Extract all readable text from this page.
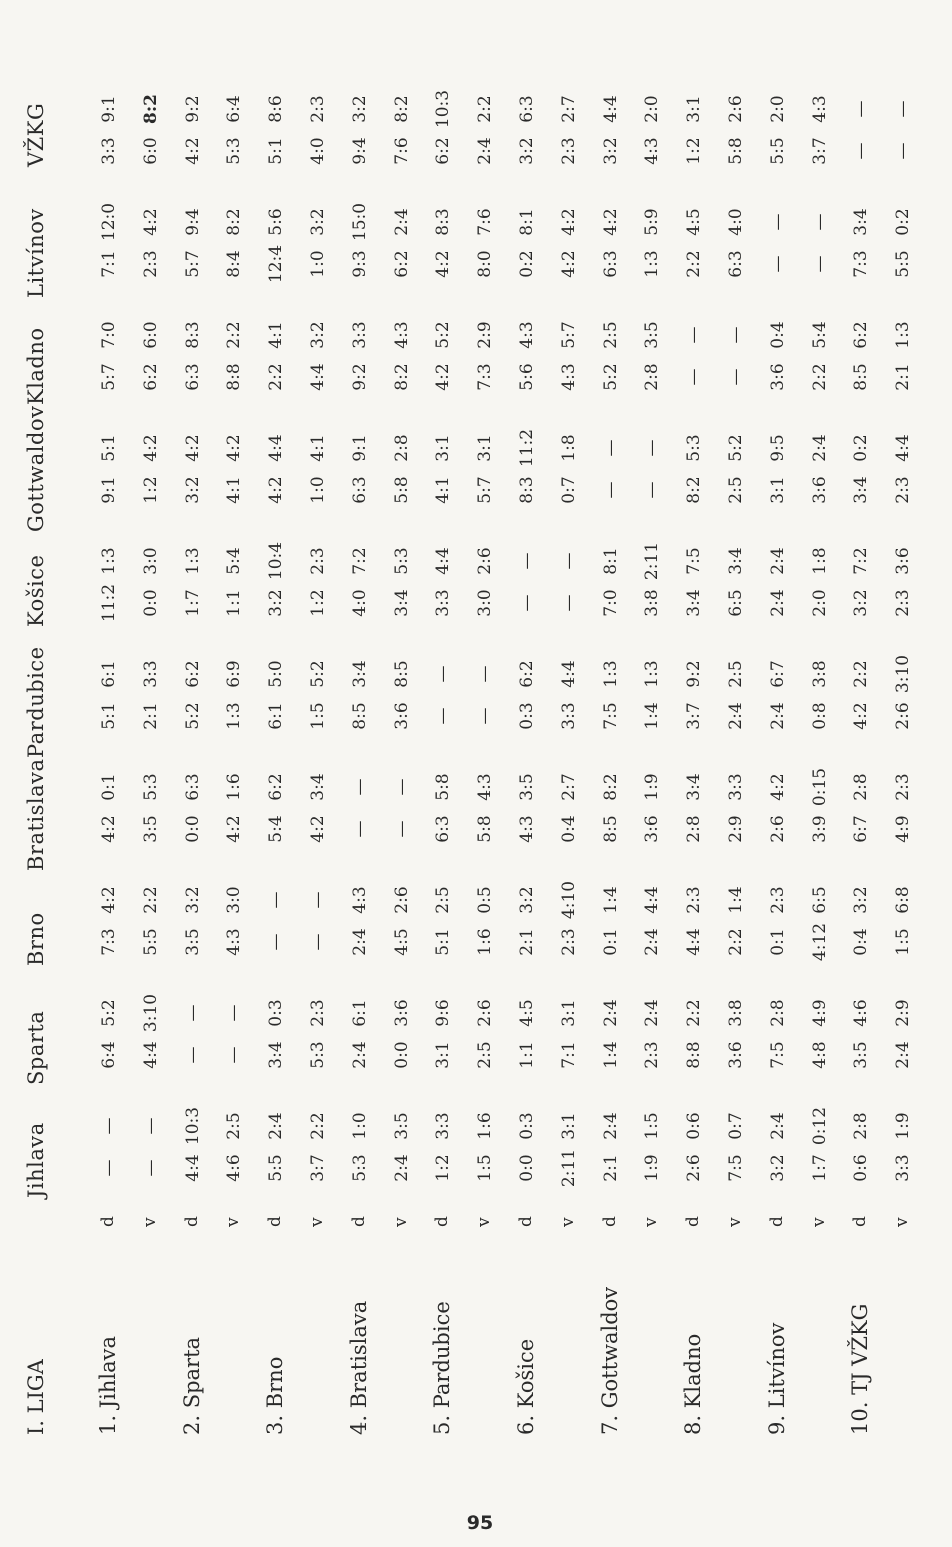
I. LIGA
Jihlava
Sparta
Brno
Bratislava
Pardubice
Košice
Gottwaldov
Kladno
Litvínov
VŽKG
1. Jihlava
d
—
—
6:4
5:2
7:3
4:2
4:2
0:1
5:1
6:1
11:2
1:3
9:1
5:1
5:7
7:0
7:1
12:0
3:3
9:1
v
—
—
4:4
3:10
5:5
2:2
3:5
5:3
2:1
3:3
0:0
3:0
1:2
4:2
6:2
6:0
2:3
4:2
6:0
8:2
2. Sparta
d
4:4
10:3
—
—
3:5
3:2
0:0
6:3
5:2
6:2
1:7
1:3
3:2
4:2
6:3
8:3
5:7
9:4
4:2
9:2
v
4:6
2:5
—
—
4:3
3:0
4:2
1:6
1:3
6:9
1:1
5:4
4:1
4:2
8:8
2:2
8:4
8:2
5:3
6:4
3. Brno
d
5:5
2:4
3:4
0:3
—
—
5:4
6:2
6:1
5:0
3:2
10:4
4:2
4:4
2:2
4:1
12:4
5:6
5:1
8:6
v
3:7
2:2
5:3
2:3
—
—
4:2
3:4
1:5
5:2
1:2
2:3
1:0
4:1
4:4
3:2
1:0
3:2
4:0
2:3
4. Bratislava
d
5:3
1:0
2:4
6:1
2:4
4:3
—
—
8:5
3:4
4:0
7:2
6:3
9:1
9:2
3:3
9:3
15:0
9:4
3:2
v
2:4
3:5
0:0
3:6
4:5
2:6
—
—
3:6
8:5
3:4
5:3
5:8
2:8
8:2
4:3
6:2
2:4
7:6
8:2
5. Pardubice
d
1:2
3:3
3:1
9:6
5:1
2:5
6:3
5:8
—
—
3:3
4:4
4:1
3:1
4:2
5:2
4:2
8:3
6:2
10:3
v
1:5
1:6
2:5
2:6
1:6
0:5
5:8
4:3
—
—
3:0
2:6
5:7
3:1
7:3
2:9
8:0
7:6
2:4
2:2
6. Košice
d
0:0
0:3
1:1
4:5
2:1
3:2
4:3
3:5
0:3
6:2
—
—
8:3
11:2
5:6
4:3
0:2
8:1
3:2
6:3
v
2:11
3:1
7:1
3:1
2:3
4:10
0:4
2:7
3:3
4:4
—
—
0:7
1:8
4:3
5:7
4:2
4:2
2:3
2:7
7. Gottwaldov
d
2:1
2:4
1:4
2:4
0:1
1:4
8:5
8:2
7:5
1:3
7:0
8:1
—
—
5:2
2:5
6:3
4:2
3:2
4:4
v
1:9
1:5
2:3
2:4
2:4
4:4
3:6
1:9
1:4
1:3
3:8
2:11
—
—
2:8
3:5
1:3
5:9
4:3
2:0
8. Kladno
d
2:6
0:6
8:8
2:2
4:4
2:3
2:8
3:4
3:7
9:2
3:4
7:5
8:2
5:3
—
—
2:2
4:5
1:2
3:1
v
7:5
0:7
3:6
3:8
2:2
1:4
2:9
3:3
2:4
2:5
6:5
3:4
2:5
5:2
—
—
6:3
4:0
5:8
2:6
9. Litvínov
d
3:2
2:4
7:5
2:8
0:1
2:3
2:6
4:2
2:4
6:7
2:4
2:4
3:1
9:5
3:6
0:4
—
—
5:5
2:0
v
1:7
0:12
4:8
4:9
4:12
6:5
3:9
0:15
0:8
3:8
2:0
1:8
3:6
2:4
2:2
5:4
—
—
3:7
4:3
10. TJ VŽKG
d
0:6
2:8
3:5
4:6
0:4
3:2
6:7
2:8
4:2
2:2
3:2
7:2
3:4
0:2
8:5
6:2
7:3
3:4
—
—
v
3:3
1:9
2:4
2:9
1:5
6:8
4:9
2:3
2:6
3:10
2:3
3:6
2:3
4:4
2:1
1:3
5:5
0:2
—
—
95
